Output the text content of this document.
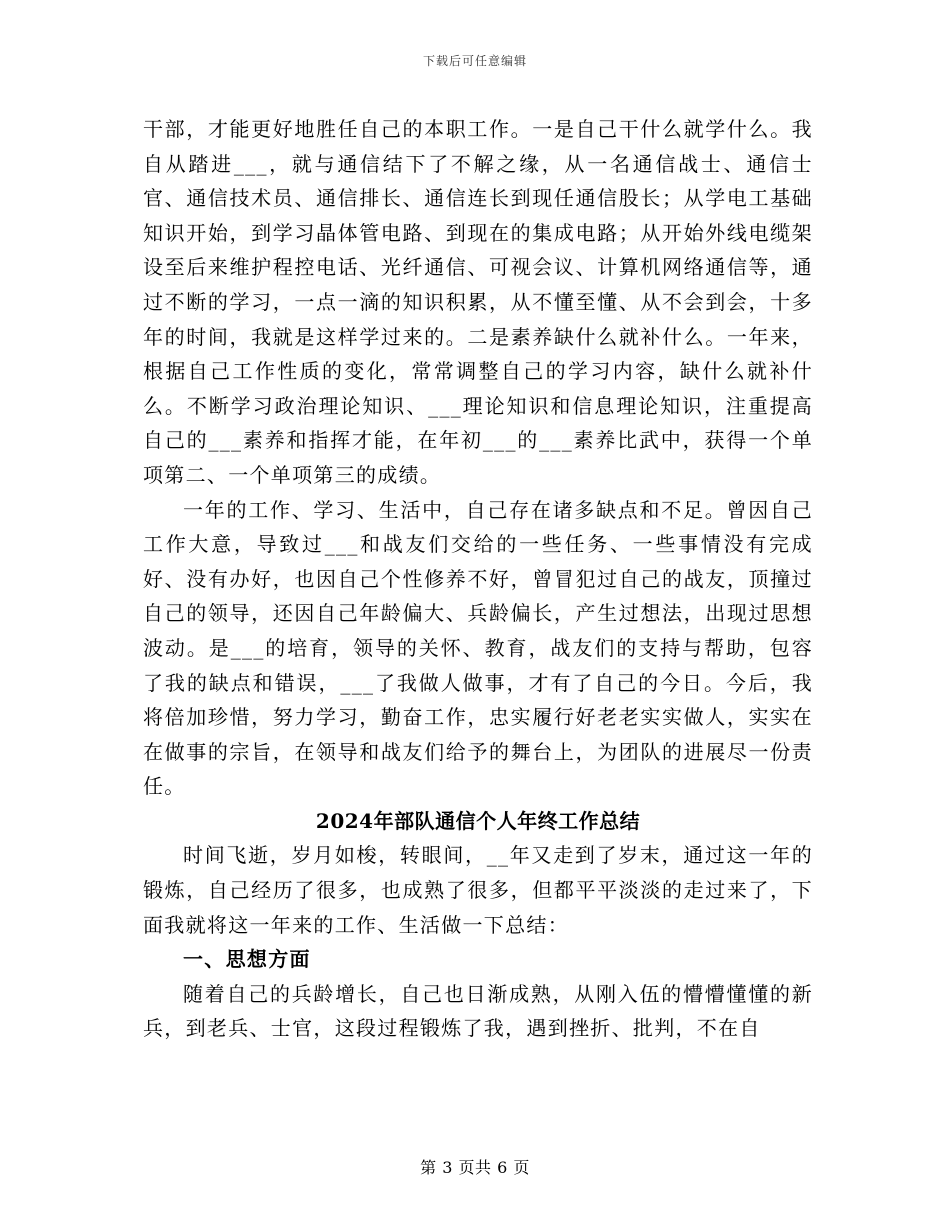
下载后可任意编辑

干部，才能更好地胜任自己的本职工作。一是自己干什么就学什么。我自从踏进___，就与通信结下了不解之缘，从一名通信战士、通信士官、通信技术员、通信排长、通信连长到现任通信股长；从学电工基础知识开始，到学习晶体管电路、到现在的集成电路；从开始外线电缆架设至后来维护程控电话、光纤通信、可视会议、计算机网络通信等，通过不断的学习，一点一滴的知识积累，从不懂至懂、从不会到会，十多年的时间，我就是这样学过来的。二是素养缺什么就补什么。一年来，根据自己工作性质的变化，常常调整自己的学习内容，缺什么就补什么。不断学习政治理论知识、___理论知识和信息理论知识，注重提高自己的___素养和指挥才能，在年初___的___素养比武中，获得一个单项第二、一个单项第三的成绩。

一年的工作、学习、生活中，自己存在诸多缺点和不足。曾因自己工作大意，导致过___和战友们交给的一些任务、一些事情没有完成好、没有办好，也因自己个性修养不好，曾冒犯过自己的战友，顶撞过自己的领导，还因自己年龄偏大、兵龄偏长，产生过想法，出现过思想波动。是___的培育，领导的关怀、教育，战友们的支持与帮助，包容了我的缺点和错误，___了我做人做事，才有了自己的今日。今后，我将倍加珍惜，努力学习，勤奋工作，忠实履行好老老实实做人，实实在在做事的宗旨，在领导和战友们给予的舞台上，为团队的进展尽一份责任。

2024年部队通信个人年终工作总结

时间飞逝，岁月如梭，转眼间，__年又走到了岁末，通过这一年的锻炼，自己经历了很多，也成熟了很多，但都平平淡淡的走过来了，下面我就将这一年来的工作、生活做一下总结：

一、思想方面

随着自己的兵龄增长，自己也日渐成熟，从刚入伍的懵懵懂懂的新兵，到老兵、士官，这段过程锻炼了我，遇到挫折、批判，不在自

第 3 页共 6 页
